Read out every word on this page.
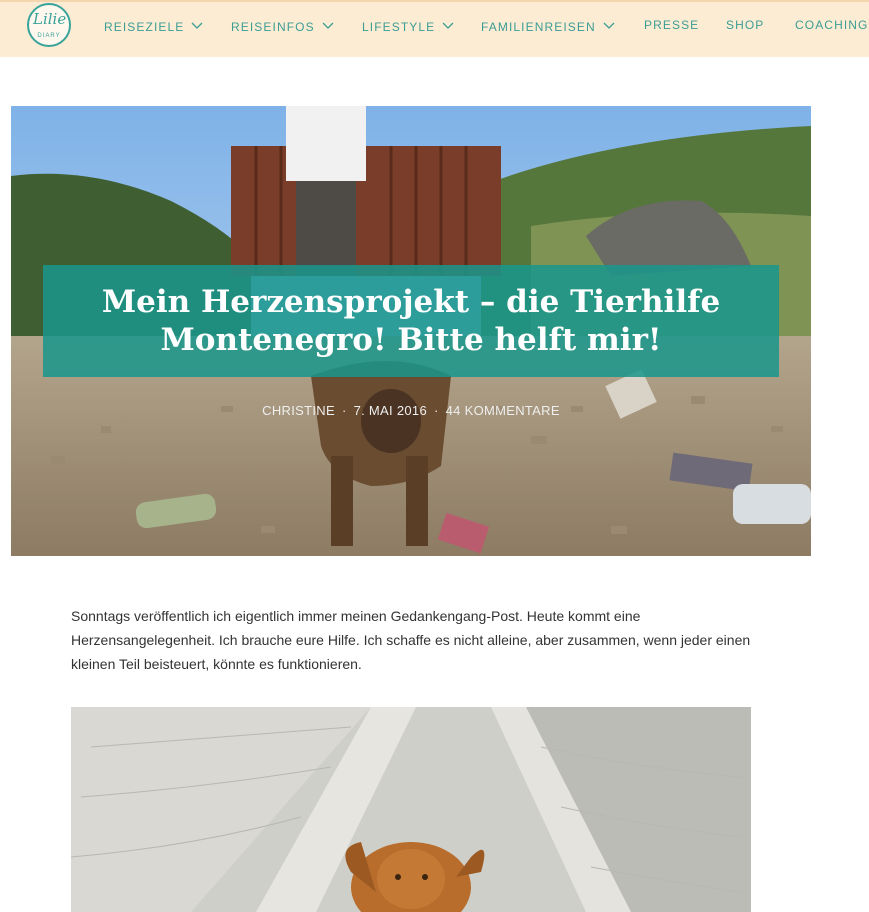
Lilie
DIARY
REISEZIELE	REISEINFOS	LIFESTYLE	FAMILIENREISEN	PRESSE SHOP	COACHING
Mein Herzensprojekt – die Tierhilfe
Montenegro! Bitte helft mir!
CHRISTINE · 7. MAI 2016 · 44 KOMMENTARE

Sonntags veröffentlich ich eigentlich immer meinen Gedankengang-Post. Heute kommt eine Herzensangelegenheit. Ich brauche eure Hilfe. Ich schaffe es nicht alleine, aber zusammen, wenn jeder einen kleinen Teil beisteuert, könnte es funktionieren.
